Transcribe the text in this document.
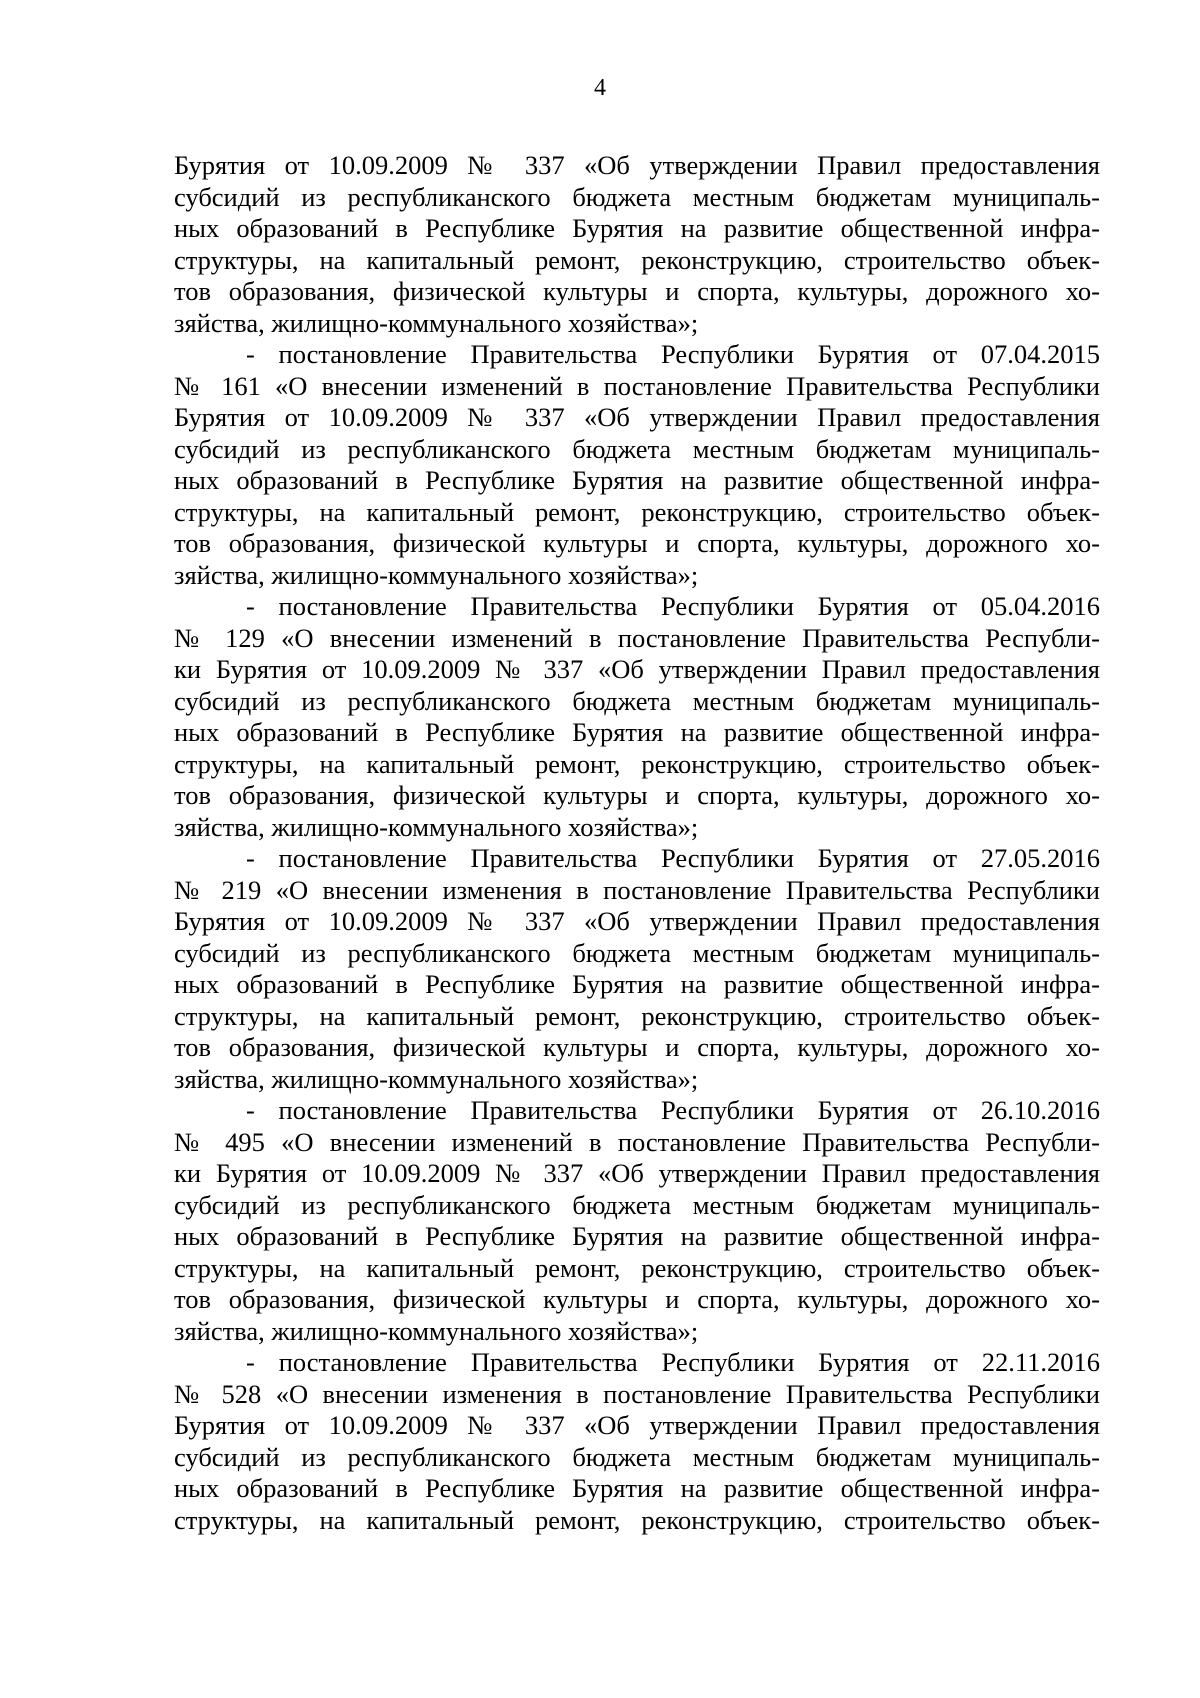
4
Бурятия от 10.09.2009 № 337 «Об утверждении Правил предоставления
субсидий из республиканского бюджета местным бюджетам муниципаль-
ных образований в Республике Бурятия на развитие общественной инфра-
структуры, на капитальный ремонт, реконструкцию, строительство объек-
тов образования, физической культуры и спорта, культуры, дорожного хо-
зяйства, жилищно-коммунального хозяйства»;
- постановление Правительства Республики Бурятия от 07.04.2015
№ 161 «О внесении изменений в постановление Правительства Республики
Бурятия от 10.09.2009 № 337 «Об утверждении Правил предоставления
субсидий из республиканского бюджета местным бюджетам муниципаль-
ных образований в Республике Бурятия на развитие общественной инфра-
структуры, на капитальный ремонт, реконструкцию, строительство объек-
тов образования, физической культуры и спорта, культуры, дорожного хо-
зяйства, жилищно-коммунального хозяйства»;
- постановление Правительства Республики Бурятия от 05.04.2016
№ 129 «О внесении изменений в постановление Правительства Республи-
ки Бурятия от 10.09.2009 № 337 «Об утверждении Правил предоставления
субсидий из республиканского бюджета местным бюджетам муниципаль-
ных образований в Республике Бурятия на развитие общественной инфра-
структуры, на капитальный ремонт, реконструкцию, строительство объек-
тов образования, физической культуры и спорта, культуры, дорожного хо-
зяйства, жилищно-коммунального хозяйства»;
- постановление Правительства Республики Бурятия от 27.05.2016
№ 219 «О внесении изменения в постановление Правительства Республики
Бурятия от 10.09.2009 № 337 «Об утверждении Правил предоставления
субсидий из республиканского бюджета местным бюджетам муниципаль-
ных образований в Республике Бурятия на развитие общественной инфра-
структуры, на капитальный ремонт, реконструкцию, строительство объек-
тов образования, физической культуры и спорта, культуры, дорожного хо-
зяйства, жилищно-коммунального хозяйства»;
- постановление Правительства Республики Бурятия от 26.10.2016
№ 495 «О внесении изменений в постановление Правительства Республи-
ки Бурятия от 10.09.2009 № 337 «Об утверждении Правил предоставления
субсидий из республиканского бюджета местным бюджетам муниципаль-
ных образований в Республике Бурятия на развитие общественной инфра-
структуры, на капитальный ремонт, реконструкцию, строительство объек-
тов образования, физической культуры и спорта, культуры, дорожного хо-
зяйства, жилищно-коммунального хозяйства»;
- постановление Правительства Республики Бурятия от 22.11.2016
№ 528 «О внесении изменения в постановление Правительства Республики
Бурятия от 10.09.2009 № 337 «Об утверждении Правил предоставления
субсидий из республиканского бюджета местным бюджетам муниципаль-
ных образований в Республике Бурятия на развитие общественной инфра-
структуры, на капитальный ремонт, реконструкцию, строительство объек-
